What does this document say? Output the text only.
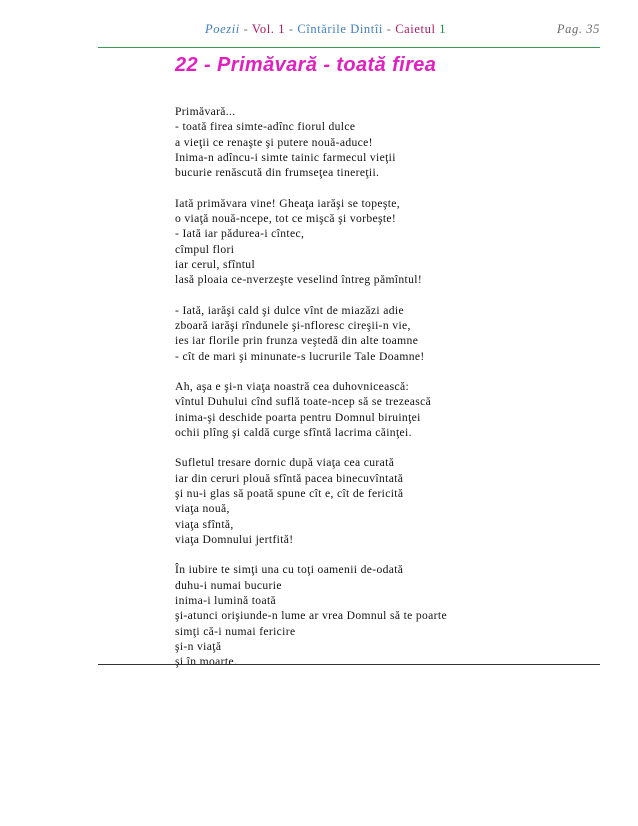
Poezii - Vol. 1 - Cîntările Dintîi - Caietul 1	Pag. 35
22 - Primăvară - toată firea
Primăvară...
- toată firea simte-adînc fiorul dulce
a vieţii ce renaşte şi putere nouă-aduce!
Inima-n adîncu-i simte tainic farmecul vieţii
bucurie renăscută din frumseţea tinereţii.
Iată primăvara vine! Gheaţa iarăşi se topeşte,
o viaţă nouă-ncepe, tot ce mişcă şi vorbeşte!
- Iată iar pădurea-i cîntec,
cîmpul flori
iar cerul, sfîntul
lasă ploaia ce-nverzeşte veselind întreg pămîntul!
- Iată, iarăşi cald şi dulce vînt de miazăzi adie
zboară iarăşi rîndunele şi-nfloresc cireşii-n vie,
ies iar florile prin frunza veştedă din alte toamne
- cît de mari şi minunate-s lucrurile Tale Doamne!
Ah, aşa e şi-n viaţa noastră cea duhovnicească:
vîntul Duhului cînd suflă toate-ncep să se trezească
inima-şi deschide poarta pentru Domnul biruinţei
ochii plîng şi caldă curge sfîntă lacrima căinţei.
Sufletul tresare dornic după viaţa cea curată
iar din ceruri plouă sfîntă pacea binecuvîntată
şi nu-i glas să poată spune cît e, cît de fericită
viaţa nouă,
viaţa sfîntă,
viaţa Domnului jertfită!
În iubire te simţi una cu toţi oamenii de-odată
duhu-i numai bucurie
inima-i lumină toată
şi-atunci orişiunde-n lume ar vrea Domnul să te poarte
simţi că-i numai fericire
şi-n viaţă
şi în moarte.
